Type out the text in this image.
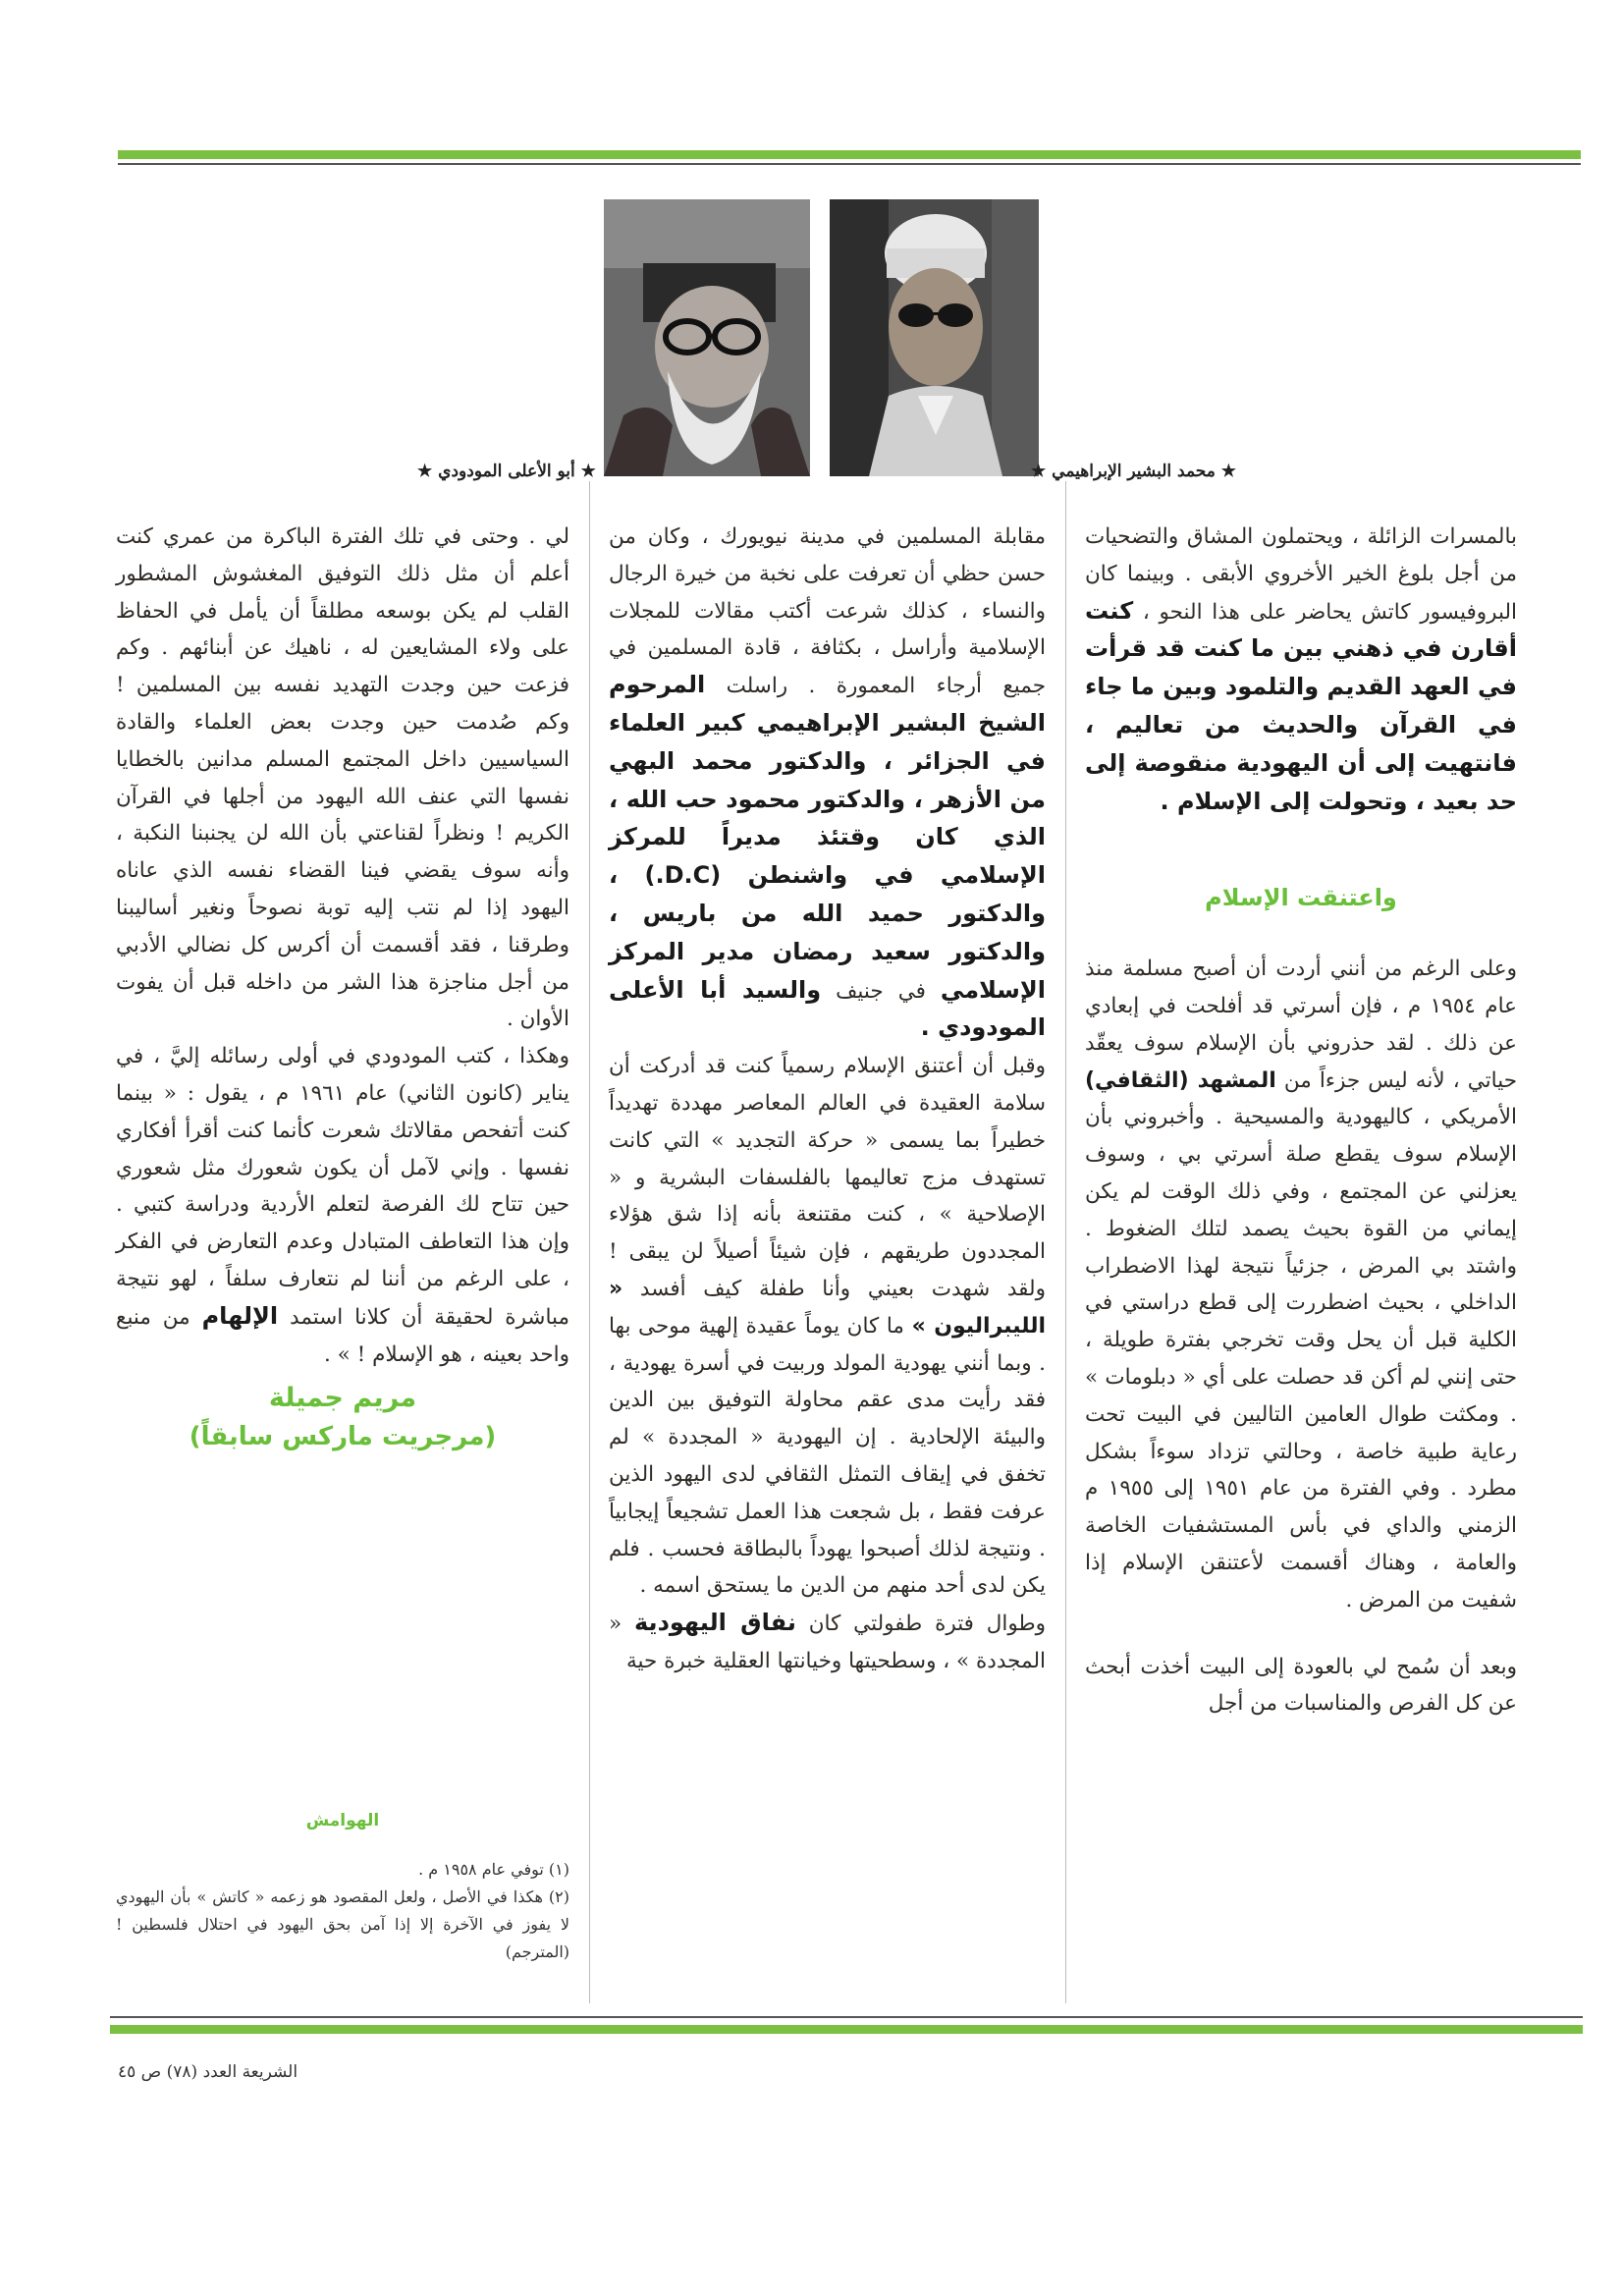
★ محمد البشير الإبراهيمي ★
★ أبو الأعلى المودودي ★

بالمسرات الزائلة ، ويحتملون المشاق والتضحيات من أجل بلوغ الخير الأخروي الأبقى . وبينما كان البروفيسور كاتش يحاضر على هذا النحو ، كنت أقارن في ذهني بين ما كنت قد قرأت في العهد القديم والتلمود وبين ما جاء في القرآن والحديث من تعاليم ، فانتهيت إلى أن اليهودية منقوصة إلى حد بعيد ، وتحولت إلى الإسلام .

واعتنقت الإسلام

وعلى الرغم من أنني أردت أن أصبح مسلمة منذ عام ١٩٥٤ م ، فإن أسرتي قد أفلحت في إبعادي عن ذلك . لقد حذروني بأن الإسلام سوف يعقّد حياتي ، لأنه ليس جزءاً من المشهد (الثقافي) الأمريكي ، كاليهودية والمسيحية . وأخبروني بأن الإسلام سوف يقطع صلة أسرتي بي ، وسوف يعزلني عن المجتمع ، وفي ذلك الوقت لم يكن إيماني من القوة بحيث يصمد لتلك الضغوط . واشتد بي المرض ، جزئياً نتيجة لهذا الاضطراب الداخلي ، بحيث اضطررت إلى قطع دراستي في الكلية قبل أن يحل وقت تخرجي بفترة طويلة ، حتى إنني لم أكن قد حصلت على أي « دبلومات » . ومكثت طوال العامين التاليين في البيت تحت رعاية طبية خاصة ، وحالتي تزداد سوءاً بشكل مطرد . وفي الفترة من عام ١٩٥١ إلى ١٩٥٥ م الزمني والداي في بأس المستشفيات الخاصة والعامة ، وهناك أقسمت لأعتنقن الإسلام إذا شفيت من المرض .

وبعد أن سُمح لي بالعودة إلى البيت أخذت أبحث عن كل الفرص والمناسبات من أجل

مقابلة المسلمين في مدينة نيويورك ، وكان من حسن حظي أن تعرفت على نخبة من خيرة الرجال والنساء ، كذلك شرعت أكتب مقالات للمجلات الإسلامية وأراسل ، بكثافة ، قادة المسلمين في جميع أرجاء المعمورة . راسلت المرحوم الشيخ البشير الإبراهيمي كبير العلماء في الجزائر ، والدكتور محمد البهي من الأزهر ، والدكتور محمود حب الله ، الذي كان وقتئذ مديراً للمركز الإسلامي في واشنطن (D.C.) ، والدكتور حميد الله من باريس ، والدكتور سعيد رمضان مدير المركز الإسلامي في جنيف والسيد أبا الأعلى المودودي .

وقبل أن أعتنق الإسلام رسمياً كنت قد أدركت أن سلامة العقيدة في العالم المعاصر مهددة تهديداً خطيراً بما يسمى « حركة التجديد » التي كانت تستهدف مزج تعاليمها بالفلسفات البشرية و « الإصلاحية » ، كنت مقتنعة بأنه إذا شق هؤلاء المجددون طريقهم ، فإن شيئاً أصيلاً لن يبقى ! ولقد شهدت بعيني وأنا طفلة كيف أفسد « الليبراليون » ما كان يوماً عقيدة إلهية موحى بها . وبما أنني يهودية المولد وربيت في أسرة يهودية ، فقد رأيت مدى عقم محاولة التوفيق بين الدين والبيئة الإلحادية . إن اليهودية « المجددة » لم تخفق في إيقاف التمثل الثقافي لدى اليهود الذين عرفت فقط ، بل شجعت هذا العمل تشجيعاً إيجابياً . ونتيجة لذلك أصبحوا يهوداً بالبطاقة فحسب . فلم يكن لدى أحد منهم من الدين ما يستحق اسمه .

وطوال فترة طفولتي كان نفاق اليهودية « المجددة » ، وسطحيتها وخيانتها العقلية خبرة حية

لي . وحتى في تلك الفترة الباكرة من عمري كنت أعلم أن مثل ذلك التوفيق المغشوش المشطور القلب لم يكن بوسعه مطلقاً أن يأمل في الحفاظ على ولاء المشايعين له ، ناهيك عن أبنائهم . وكم فزعت حين وجدت التهديد نفسه بين المسلمين ! وكم صُدمت حين وجدت بعض العلماء والقادة السياسيين داخل المجتمع المسلم مدانين بالخطايا نفسها التي عنف الله اليهود من أجلها في القرآن الكريم ! ونظراً لقناعتي بأن الله لن يجنبنا النكبة ، وأنه سوف يقضي فينا القضاء نفسه الذي عاناه اليهود إذا لم نتب إليه توبة نصوحاً ونغير أساليبنا وطرقنا ، فقد أقسمت أن أكرس كل نضالي الأدبي من أجل مناجزة هذا الشر من داخله قبل أن يفوت الأوان .

وهكذا ، كتب المودودي في أولى رسائله إليَّ ، في يناير (كانون الثاني) عام ١٩٦١ م ، يقول : « بينما كنت أتفحص مقالاتك شعرت كأنما كنت أقرأ أفكاري نفسها . وإني لآمل أن يكون شعورك مثل شعوري حين تتاح لك الفرصة لتعلم الأردية ودراسة كتبي . وإن هذا التعاطف المتبادل وعدم التعارض في الفكر ، على الرغم من أننا لم نتعارف سلفاً ، لهو نتيجة مباشرة لحقيقة أن كلانا استمد الإلهام من منبع واحد بعينه ، هو الإسلام ! » .

مريم جميلة

(مرجريت ماركس سابقاً)

الهوامش
(١) توفي عام ١٩٥٨ م .
(٢) هكذا في الأصل ، ولعل المقصود هو زعمه « كاتش » بأن اليهودي لا يفوز في الآخرة إلا إذا آمن بحق اليهود في احتلال فلسطين ! (المترجم)
الشريعة العدد (٧٨) ص ٤٥
